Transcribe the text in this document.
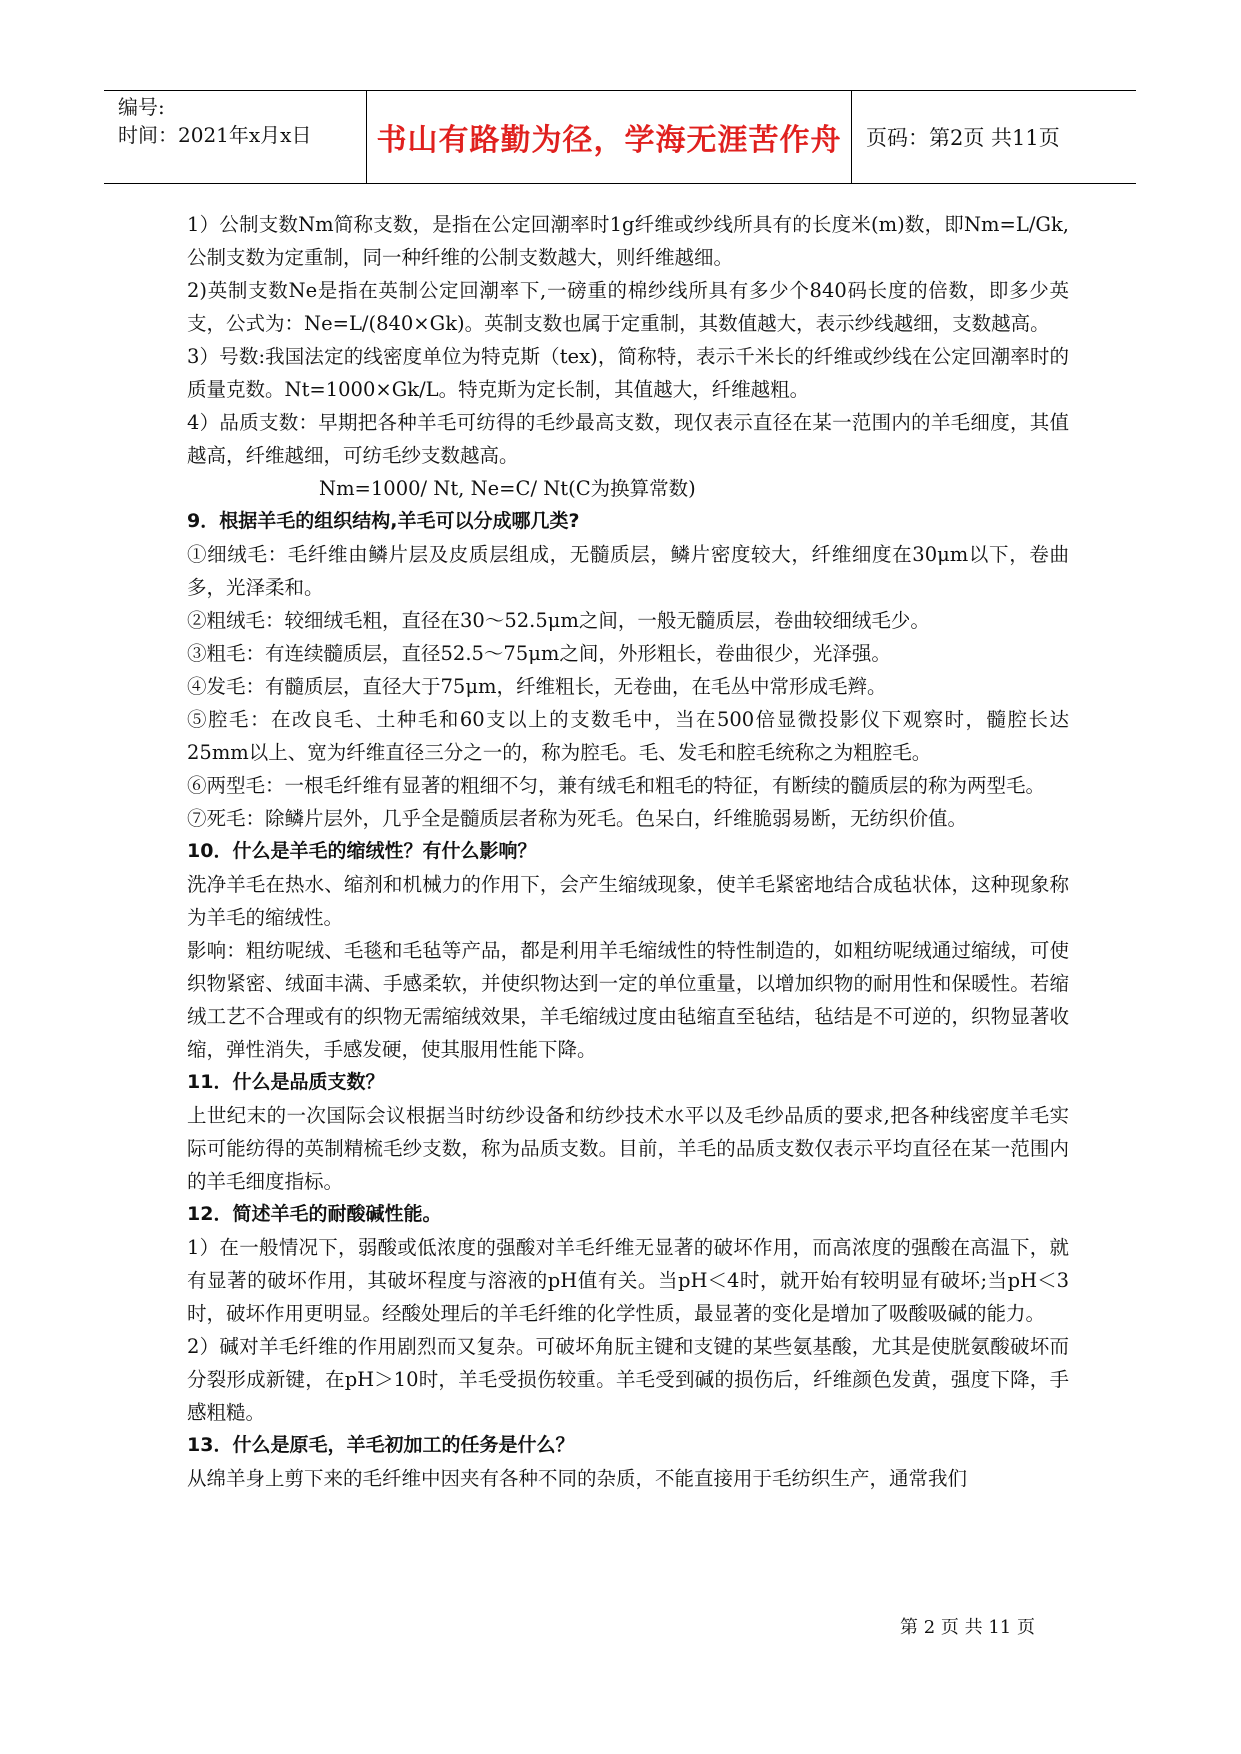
编号:
时间：2021年x月x日	书山有路勤为径，学海无涯苦作舟 页码：第2页 共11页

1）公制支数Nm简称支数，是指在公定回潮率时1g纤维或纱线所具有的长度米(m)数，即Nm=L/Gk,公制支数为定重制，同一种纤维的公制支数越大，则纤维越细。

2)英制支数Ne是指在英制公定回潮率下,一磅重的棉纱线所具有多少个840码长度的倍数，即多少英支，公式为：Ne=L/(840×Gk)。英制支数也属于定重制，其数值越大，表示纱线越细，支数越高。

3）号数:我国法定的线密度单位为特克斯（tex)，简称特，表示千米长的纤维或纱线在公定回潮率时的质量克数。Nt=1000×Gk/L。特克斯为定长制，其值越大，纤维越粗。

4）品质支数：早期把各种羊毛可纺得的毛纱最高支数，现仅表示直径在某一范围内的羊毛细度，其值越高，纤维越细，可纺毛纱支数越高。

Nm=1000/ Nt, Ne=C/ Nt(C为换算常数)

9．根据羊毛的组织结构,羊毛可以分成哪几类?

①细绒毛：毛纤维由鳞片层及皮质层组成，无髓质层，鳞片密度较大，纤维细度在30μm以下，卷曲多，光泽柔和。

②粗绒毛：较细绒毛粗，直径在30～52.5μm之间，一般无髓质层，卷曲较细绒毛少。

③粗毛：有连续髓质层，直径52.5～75μm之间，外形粗长，卷曲很少，光泽强。

④发毛：有髓质层，直径大于75μm，纤维粗长，无卷曲，在毛丛中常形成毛辫。

⑤腔毛：在改良毛、土种毛和60支以上的支数毛中，当在500倍显微投影仪下观察时，髓腔长达25mm以上、宽为纤维直径三分之一的，称为腔毛。毛、发毛和腔毛统称之为粗腔毛。

⑥两型毛：一根毛纤维有显著的粗细不匀，兼有绒毛和粗毛的特征，有断续的髓质层的称为两型毛。

⑦死毛：除鳞片层外，几乎全是髓质层者称为死毛。色呆白，纤维脆弱易断，无纺织价值。

10．什么是羊毛的缩绒性？有什么影响？

洗净羊毛在热水、缩剂和机械力的作用下，会产生缩绒现象，使羊毛紧密地结合成毡状体，这种现象称为羊毛的缩绒性。

影响：粗纺呢绒、毛毯和毛毡等产品，都是利用羊毛缩绒性的特性制造的，如粗纺呢绒通过缩绒，可使织物紧密、绒面丰满、手感柔软，并使织物达到一定的单位重量，以增加织物的耐用性和保暖性。若缩绒工艺不合理或有的织物无需缩绒效果，羊毛缩绒过度由毡缩直至毡结，毡结是不可逆的，织物显著收缩，弹性消失，手感发硬，使其服用性能下降。

11．什么是品质支数？

上世纪末的一次国际会议根据当时纺纱设备和纺纱技术水平以及毛纱品质的要求,把各种线密度羊毛实际可能纺得的英制精梳毛纱支数，称为品质支数。目前，羊毛的品质支数仅表示平均直径在某一范围内的羊毛细度指标。

12．简述羊毛的耐酸碱性能。

1）在一般情况下，弱酸或低浓度的强酸对羊毛纤维无显著的破坏作用，而高浓度的强酸在高温下，就有显著的破坏作用，其破坏程度与溶液的pH值有关。当pH＜4时，就开始有较明显有破坏;当pH＜3时，破坏作用更明显。经酸处理后的羊毛纤维的化学性质，最显著的变化是增加了吸酸吸碱的能力。

2）碱对羊毛纤维的作用剧烈而又复杂。可破坏角朊主键和支键的某些氨基酸，尤其是使胱氨酸破坏而分裂形成新键，在pH＞10时，羊毛受损伤较重。羊毛受到碱的损伤后，纤维颜色发黄，强度下降，手感粗糙。

13．什么是原毛，羊毛初加工的任务是什么？

从绵羊身上剪下来的毛纤维中因夹有各种不同的杂质，不能直接用于毛纺织生产，通常我们

第 2 页 共 11 页
